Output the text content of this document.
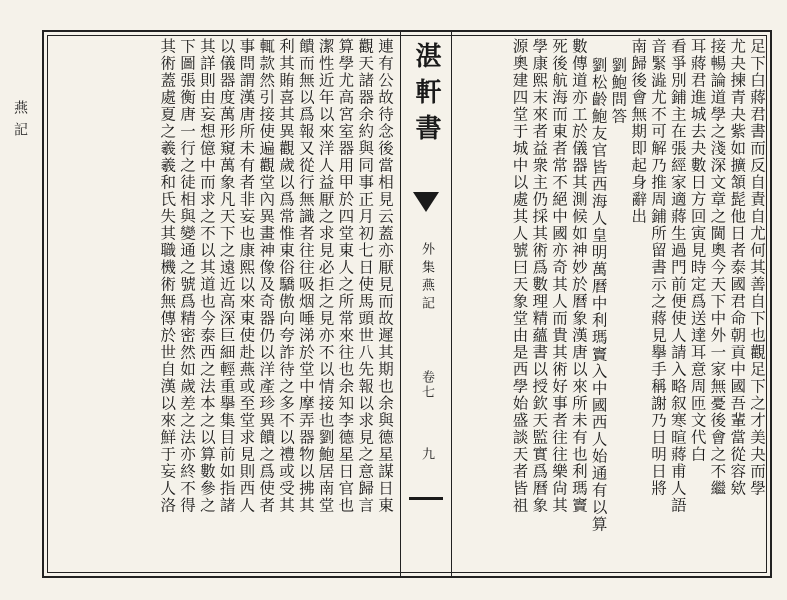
燕記	連有公故待念後當相見云蓋亦厭見而故遲其期也余與德星謀日東
觀天諸器余約與同事正月初七日使馬頭世八先報以求見之意歸言
算學尤高宮室器用甲於四堂東人之所常來往也余知李德星日官也
潔性近年以來洋人益厭之求見必拒之見亦不以情接也劉鮑居南堂
饋而無以爲報又從行無識者往往吸烟唾涕於堂中摩弄器物以拂其
利其賄喜其異觀歲以爲常惟東俗驕傲向夸詐待之多不以禮或受其
輒款然引接使遍觀堂內異畫神像及奇器仍以洋產珍異饋之爲使者
事問謂漢唐所未有者非妄也康熙以來東使赴燕或至堂求見則西人
以儀器度萬形窺萬象凡天下之遠近高深巨細輕重擧集目前如指諸
其詳則由妄想億中而求之不以其道也今泰西之法本之以算數參之
下圖張衡唐一行之徒相與變通之號爲精密然如歲差之法亦終不得
其術蓋處夏之羲羲和氏失其職機術無傳於世自漢以來鮮于妄人洛	湛軒書
外集燕記
卷七
九	足下白蔣君書而反自責自尤何其善自下也觀足下之才美夬而學
尤夬揀青夬紫如擴頷髭他日者泰國君命朝貢中國吾輩當從容欸
接暢論道學之淺深文章之閫奧今天下中外一家無憂後會之不繼
耳蔣君進城去夬數日方回寅見時定爲送達耳意周匝文代白
看爭別鋪主在張經家適蔣生過門前便使人請入略叙寒暄蔣甫人語
音緊澁尤不可解乃推周鋪所留書示之蔣見擧手稱謝乃日明日將
南歸後會無期即起身辭出
劉鮑問答
劉松齡鮑友官皆西海人皇明萬曆中利瑪竇入中國西人始通有以算
數傳道亦工於儀器其測候如神妙於曆象漢唐以來所未有也利瑪竇
死後航海而東者常不絕中國亦奇其人而貴其術好事者往往樂尙其
學康熙末來者益衆主仍採其術爲數理精蘊書以授欽天監實爲曆象
源奧建四堂于城中以處其人號曰天象堂由是西學始盛談天者皆祖
